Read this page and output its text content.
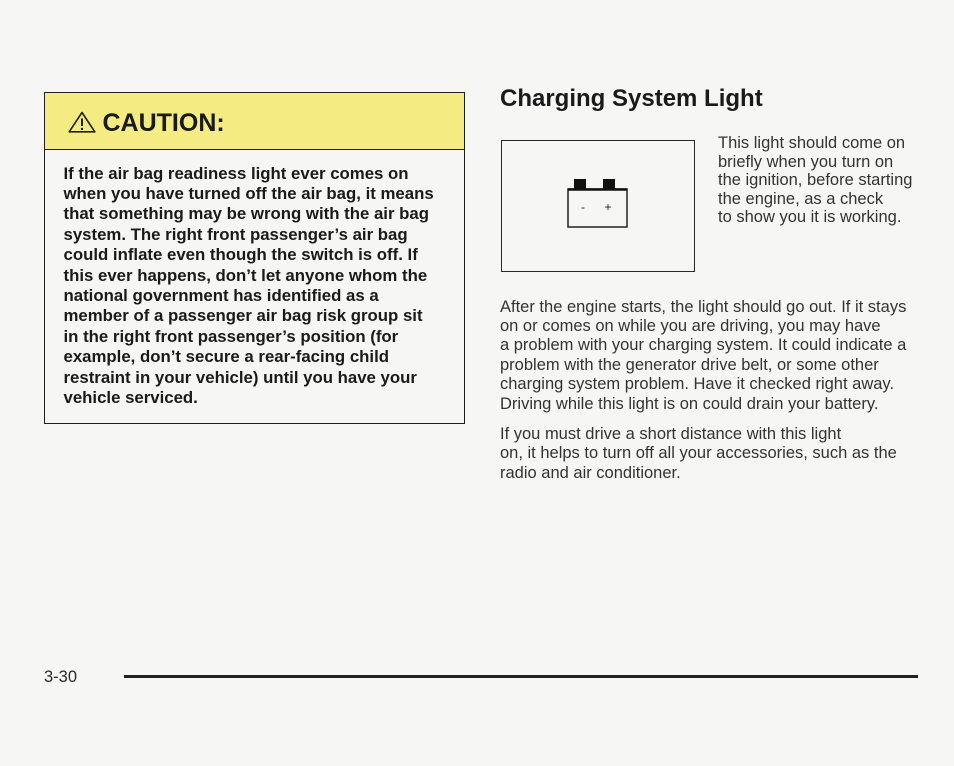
CAUTION:
If the air bag readiness light ever comes on
when you have turned off the air bag, it means
that something may be wrong with the air bag
system. The right front passenger’s air bag
could inflate even though the switch is off. If
this ever happens, don’t let anyone whom the
national government has identified as a
member of a passenger air bag risk group sit
in the right front passenger’s position (for
example, don’t secure a rear-facing child
restraint in your vehicle) until you have your
vehicle serviced.
Charging System Light
- +
This light should come on
briefly when you turn on
the ignition, before starting
the engine, as a check
to show you it is working.
After the engine starts, the light should go out. If it stays
on or comes on while you are driving, you may have
a problem with your charging system. It could indicate a
problem with the generator drive belt, or some other
charging system problem. Have it checked right away.
Driving while this light is on could drain your battery.
If you must drive a short distance with this light
on, it helps to turn off all your accessories, such as the
radio and air conditioner.
3-30
